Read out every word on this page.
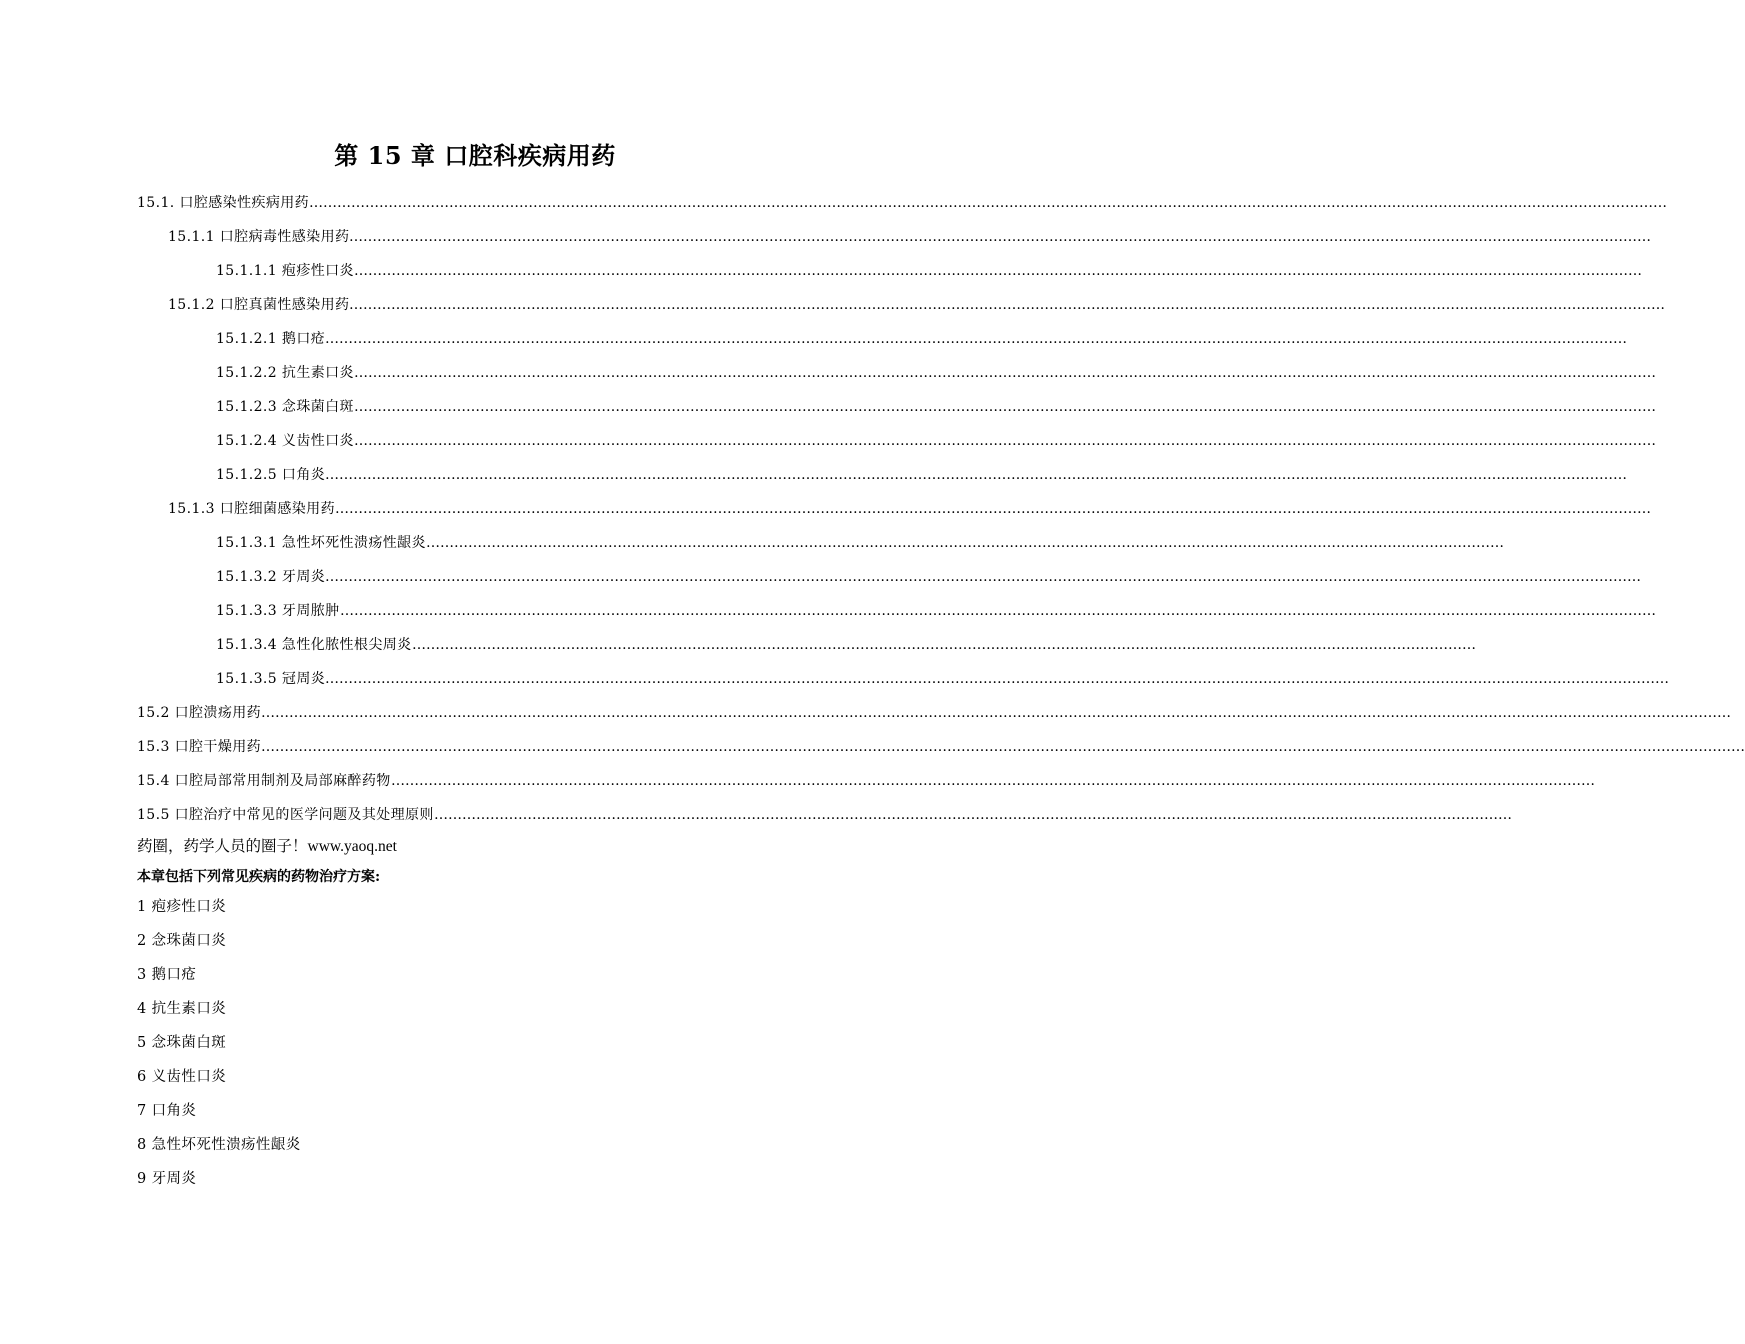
第 15 章 口腔科疾病用药
15.1. 口腔感染性疾病用药 …………………………………………………………………………………………………………………………………………………………………………………………………………………………………………………………………
15.1.1 口腔病毒性感染用药 ………………………………………………………………………………………………………………………………………………………………………………………………………………………………………………………
15.1.1.1 疱疹性口炎 ……………………………………………………………………………………………………………………………………………………………………………………………………………………………………………………
15.1.2 口腔真菌性感染用药 …………………………………………………………………………………………………………………………………………………………………………………………………………………………………………………………
15.1.2.1 鹅口疮 ………………………………………………………………………………………………………………………………………………………………………………………………………………………………………………………
15.1.2.2 抗生素口炎 ………………………………………………………………………………………………………………………………………………………………………………………………………………………………………………………
15.1.2.3 念珠菌白斑 ………………………………………………………………………………………………………………………………………………………………………………………………………………………………………………………
15.1.2.4 义齿性口炎 ………………………………………………………………………………………………………………………………………………………………………………………………………………………………………………………
15.1.2.5 口角炎 ………………………………………………………………………………………………………………………………………………………………………………………………………………………………………………………
15.1.3 口腔细菌感染用药 …………………………………………………………………………………………………………………………………………………………………………………………………………………………………………………………
15.1.3.1 急性坏死性溃疡性龈炎 ……………………………………………………………………………………………………………………………………………………………………………………………………………
15.1.3.2 牙周炎 …………………………………………………………………………………………………………………………………………………………………………………………………………………………………………………………
15.1.3.3 牙周脓肿 …………………………………………………………………………………………………………………………………………………………………………………………………………………………………………………………
15.1.3.4 急性化脓性根尖周炎 …………………………………………………………………………………………………………………………………………………………………………………………………………
15.1.3.5 冠周炎 ………………………………………………………………………………………………………………………………………………………………………………………………………………………………………………………………
15.2 口腔溃疡用药 ………………………………………………………………………………………………………………………………………………………………………………………………………………………………………………………………………………………
15.3 口腔干燥用药 …………………………………………………………………………………………………………………………………………………………………………………………………………………………………………………………………………………………
15.4 口腔局部常用制剂及局部麻醉药物 ……………………………………………………………………………………………………………………………………………………………………………………………………………………………………
15.5 口腔治疗中常见的医学问题及其处理原则 ……………………………………………………………………………………………………………………………………………………………………………………………………………
药圈，药学人员的圈子！www.yaoq.net
本章包括下列常见疾病的药物治疗方案:
1 疱疹性口炎
2 念珠菌口炎
3 鹅口疮
4 抗生素口炎
5 念珠菌白斑
6 义齿性口炎
7 口角炎
8 急性坏死性溃疡性龈炎
9 牙周炎
